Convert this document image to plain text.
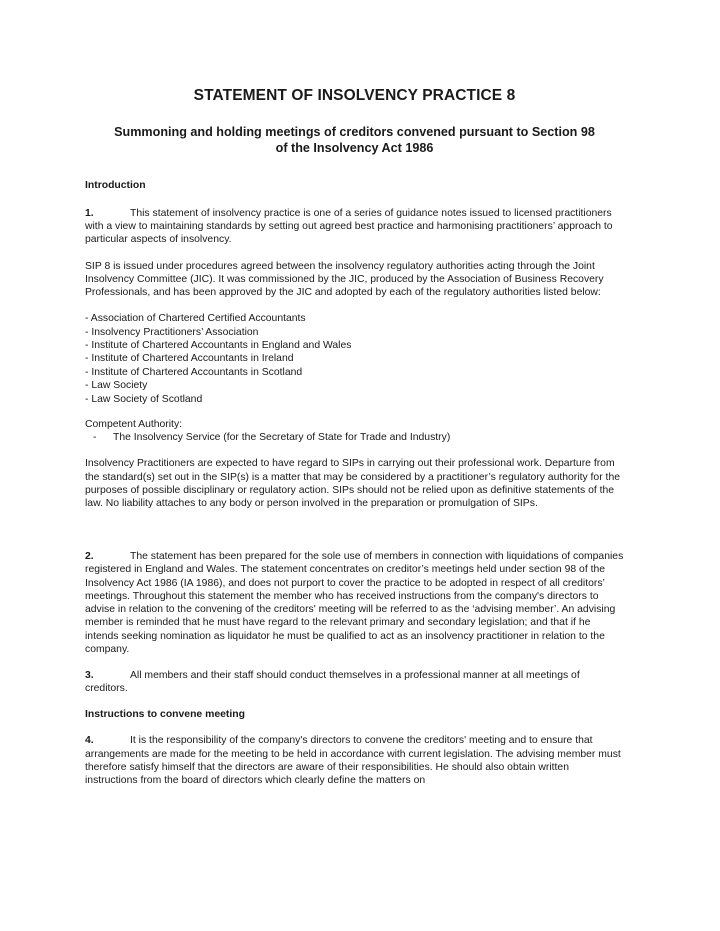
STATEMENT OF INSOLVENCY PRACTICE 8
Summoning and holding meetings of creditors convened pursuant to Section 98
of the Insolvency Act 1986

Introduction

1.	This statement of insolvency practice is one of a series of guidance notes issued to licensed practitioners with a view to maintaining standards by setting out agreed best practice and harmonising practitioners’ approach to particular aspects of insolvency.

SIP 8 is issued under procedures agreed between the insolvency regulatory authorities acting through the Joint Insolvency Committee (JIC). It was commissioned by the JIC, produced by the Association of Business Recovery Professionals, and has been approved by the JIC and adopted by each of the regulatory authorities listed below:

- Association of Chartered Certified Accountants
- Insolvency Practitioners’ Association
- Institute of Chartered Accountants in England and Wales
- Institute of Chartered Accountants in Ireland
- Institute of Chartered Accountants in Scotland
- Law Society
- Law Society of Scotland

Competent Authority:

- The Insolvency Service (for the Secretary of State for Trade and Industry)

Insolvency Practitioners are expected to have regard to SIPs in carrying out their professional work. Departure from the standard(s) set out in the SIP(s) is a matter that may be considered by a practitioner’s regulatory authority for the purposes of possible disciplinary or regulatory action. SIPs should not be relied upon as definitive statements of the law. No liability attaches to any body or person involved in the preparation or promulgation of SIPs.

2.	The statement has been prepared for the sole use of members in connection with liquidations of companies registered in England and Wales. The statement concentrates on creditor’s meetings held under section 98 of the Insolvency Act 1986 (IA 1986), and does not purport to cover the practice to be adopted in respect of all creditors’ meetings. Throughout this statement the member who has received instructions from the company's directors to advise in relation to the convening of the creditors' meeting will be referred to as the ‘advising member’. An advising member is reminded that he must have regard to the relevant primary and secondary legislation; and that if he intends seeking nomination as liquidator he must be qualified to act as an insolvency practitioner in relation to the company.

3.	All members and their staff should conduct themselves in a professional manner at all meetings of creditors.

Instructions to convene meeting

4.	It is the responsibility of the company's directors to convene the creditors' meeting and to ensure that arrangements are made for the meeting to be held in accordance with current legislation. The advising member must therefore satisfy himself that the directors are aware of their responsibilities. He should also obtain written instructions from the board of directors which clearly define the matters on
